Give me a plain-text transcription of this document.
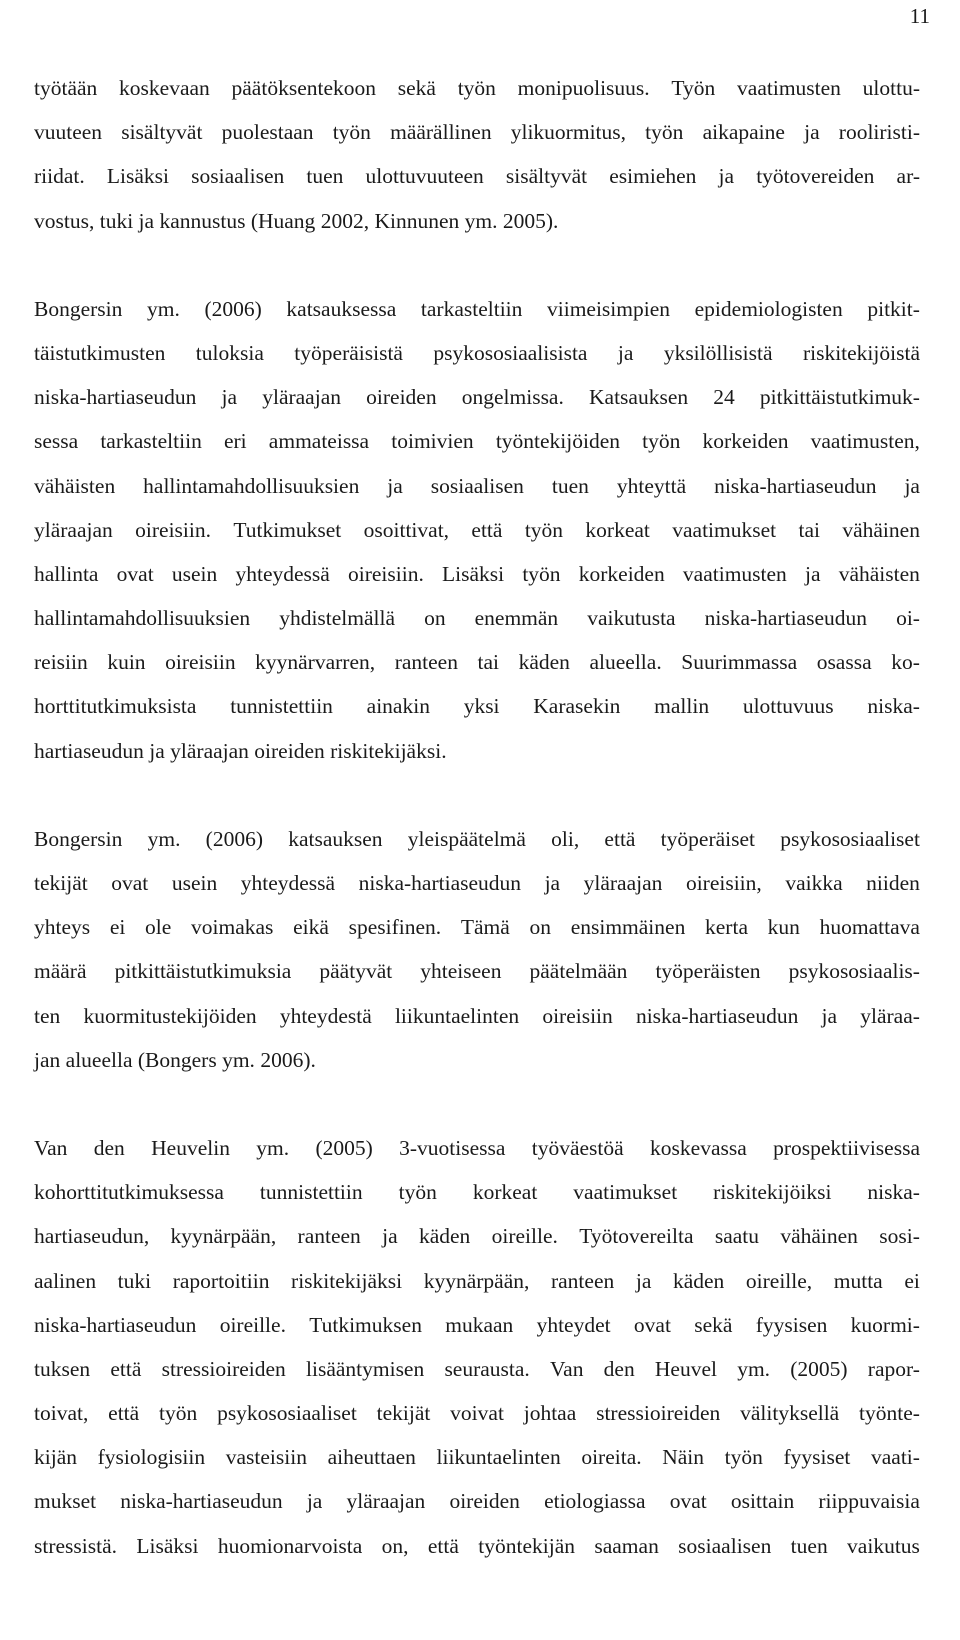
11
työtään koskevaan päätöksentekoon sekä työn monipuolisuus. Työn vaatimusten ulottu-
vuuteen sisältyvät puolestaan työn määrällinen ylikuormitus, työn aikapaine ja rooliristi-
riidat. Lisäksi sosiaalisen tuen ulottuvuuteen sisältyvät esimiehen ja työtovereiden ar-
vostus,
tuki
ja
kannustus
(Huang
2002,
Kinnunen
ym.
2005).
Bongersin ym. (2006) katsauksessa tarkasteltiin viimeisimpien epidemiologisten pitkit-
täistutkimusten tuloksia työperäisistä psykososiaalisista ja yksilöllisistä riskitekijöistä
niska-hartiaseudun ja yläraajan oireiden ongelmissa. Katsauksen 24 pitkittäistutkimuk-
sessa tarkasteltiin eri ammateissa toimivien työntekijöiden työn korkeiden vaatimusten,
vähäisten hallintamahdollisuuksien ja sosiaalisen tuen yhteyttä niska-hartiaseudun ja
yläraajan oireisiin. Tutkimukset osoittivat, että työn korkeat vaatimukset tai vähäinen
hallinta ovat usein yhteydessä oireisiin. Lisäksi työn korkeiden vaatimusten ja vähäisten
hallintamahdollisuuksien yhdistelmällä on enemmän vaikutusta niska-hartiaseudun oi-
reisiin kuin oireisiin kyynärvarren, ranteen tai käden alueella. Suurimmassa osassa ko-
horttitutkimuksista tunnistettiin ainakin yksi Karasekin mallin ulottuvuus niska-
hartiaseudun
ja
yläraajan
oireiden
riskitekijäksi.
Bongersin ym. (2006) katsauksen yleispäätelmä oli, että työperäiset psykososiaaliset
tekijät ovat usein yhteydessä niska-hartiaseudun ja yläraajan oireisiin, vaikka niiden
yhteys ei ole voimakas eikä spesifinen. Tämä on ensimmäinen kerta kun huomattava
määrä pitkittäistutkimuksia päätyvät yhteiseen päätelmään työperäisten psykososiaalis-
ten kuormitustekijöiden yhteydestä liikuntaelinten oireisiin niska-hartiaseudun ja yläraa-
jan
alueella
(Bongers
ym.
2006).
Van den Heuvelin ym. (2005) 3-vuotisessa työväestöä koskevassa prospektiivisessa
kohorttitutkimuksessa tunnistettiin työn korkeat vaatimukset riskitekijöiksi niska-
hartiaseudun, kyynärpään, ranteen ja käden oireille. Työtovereilta saatu vähäinen sosi-
aalinen tuki raportoitiin riskitekijäksi kyynärpään, ranteen ja käden oireille, mutta ei
niska-hartiaseudun oireille. Tutkimuksen mukaan yhteydet ovat sekä fyysisen kuormi-
tuksen että stressioireiden lisääntymisen seurausta. Van den Heuvel ym. (2005) rapor-
toivat, että työn psykososiaaliset tekijät voivat johtaa stressioireiden välityksellä työnte-
kijän fysiologisiin vasteisiin aiheuttaen liikuntaelinten oireita. Näin työn fyysiset vaati-
mukset niska-hartiaseudun ja yläraajan oireiden etiologiassa ovat osittain riippuvaisia
stressistä. Lisäksi huomionarvoista on, että työntekijän saaman sosiaalisen tuen vaikutus
